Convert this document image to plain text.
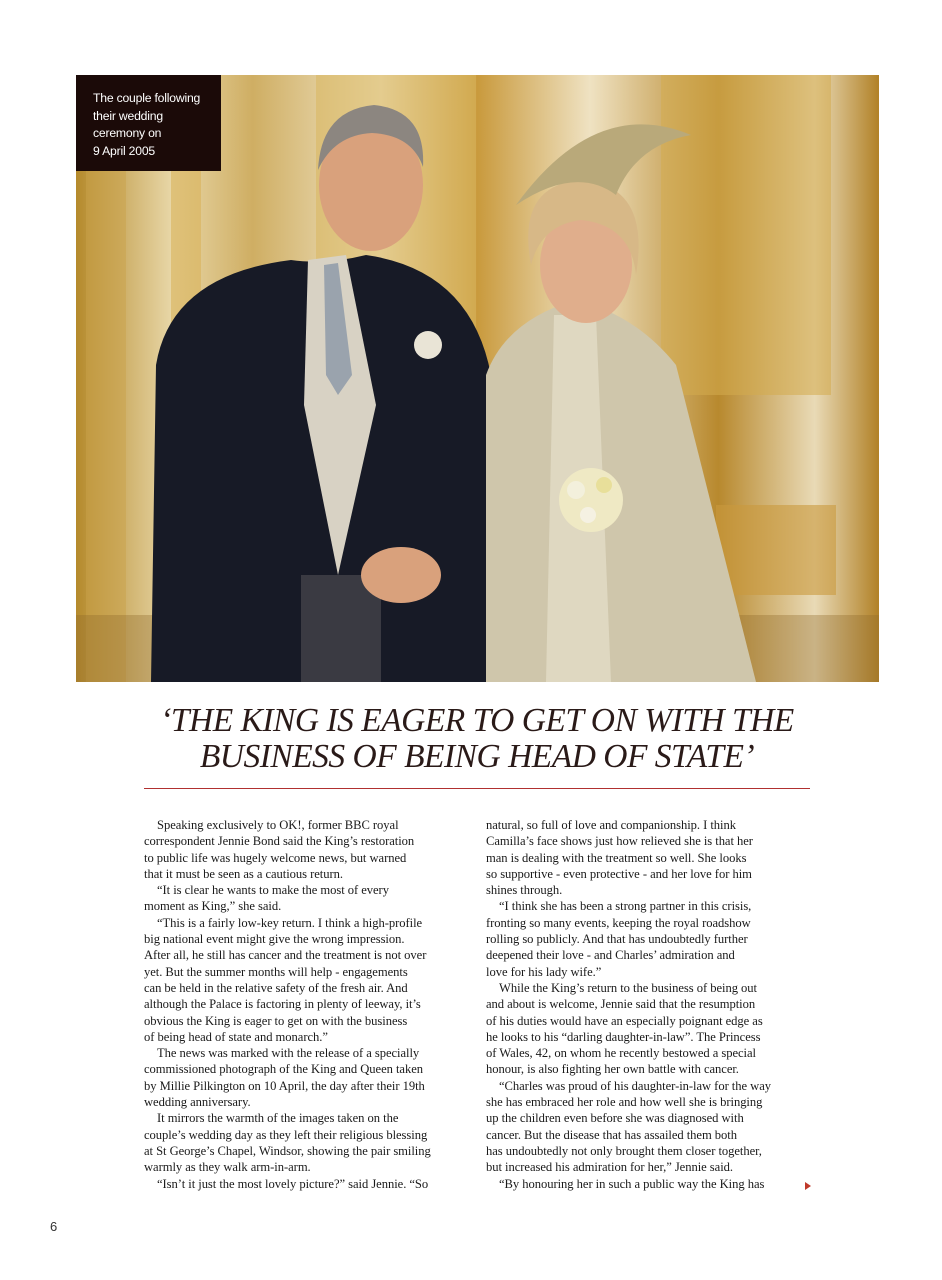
The couple following
their wedding
ceremony on
9 April 2005
‘THE KING IS EAGER TO GET ON WITH THE
BUSINESS OF BEING HEAD OF STATE’
Speaking exclusively to OK!, former BBC royal
correspondent Jennie Bond said the King’s restoration
to public life was hugely welcome news, but warned
that it must be seen as a cautious return.
“It is clear he wants to make the most of every
moment as King,” she said.
“This is a fairly low-key return. I think a high-profile
big national event might give the wrong impression.
After all, he still has cancer and the treatment is not over
yet. But the summer months will help - engagements
can be held in the relative safety of the fresh air. And
although the Palace is factoring in plenty of leeway, it’s
obvious the King is eager to get on with the business
of being head of state and monarch.”
The news was marked with the release of a specially
commissioned photograph of the King and Queen taken
by Millie Pilkington on 10 April, the day after their 19th
wedding anniversary.
It mirrors the warmth of the images taken on the
couple’s wedding day as they left their religious blessing
at St George’s Chapel, Windsor, showing the pair smiling
warmly as they walk arm-in-arm.
“Isn’t it just the most lovely picture?” said Jennie. “So
natural, so full of love and companionship. I think
Camilla’s face shows just how relieved she is that her
man is dealing with the treatment so well. She looks
so supportive - even protective - and her love for him
shines through.
“I think she has been a strong partner in this crisis,
fronting so many events, keeping the royal roadshow
rolling so publicly. And that has undoubtedly further
deepened their love - and Charles’ admiration and
love for his lady wife.”
While the King’s return to the business of being out
and about is welcome, Jennie said that the resumption
of his duties would have an especially poignant edge as
he looks to his “darling daughter-in-law”. The Princess
of Wales, 42, on whom he recently bestowed a special
honour, is also fighting her own battle with cancer.
“Charles was proud of his daughter-in-law for the way
she has embraced her role and how well she is bringing
up the children even before she was diagnosed with
cancer. But the disease that has assailed them both
has undoubtedly not only brought them closer together,
but increased his admiration for her,” Jennie said.
“By honouring her in such a public way the King has
6
